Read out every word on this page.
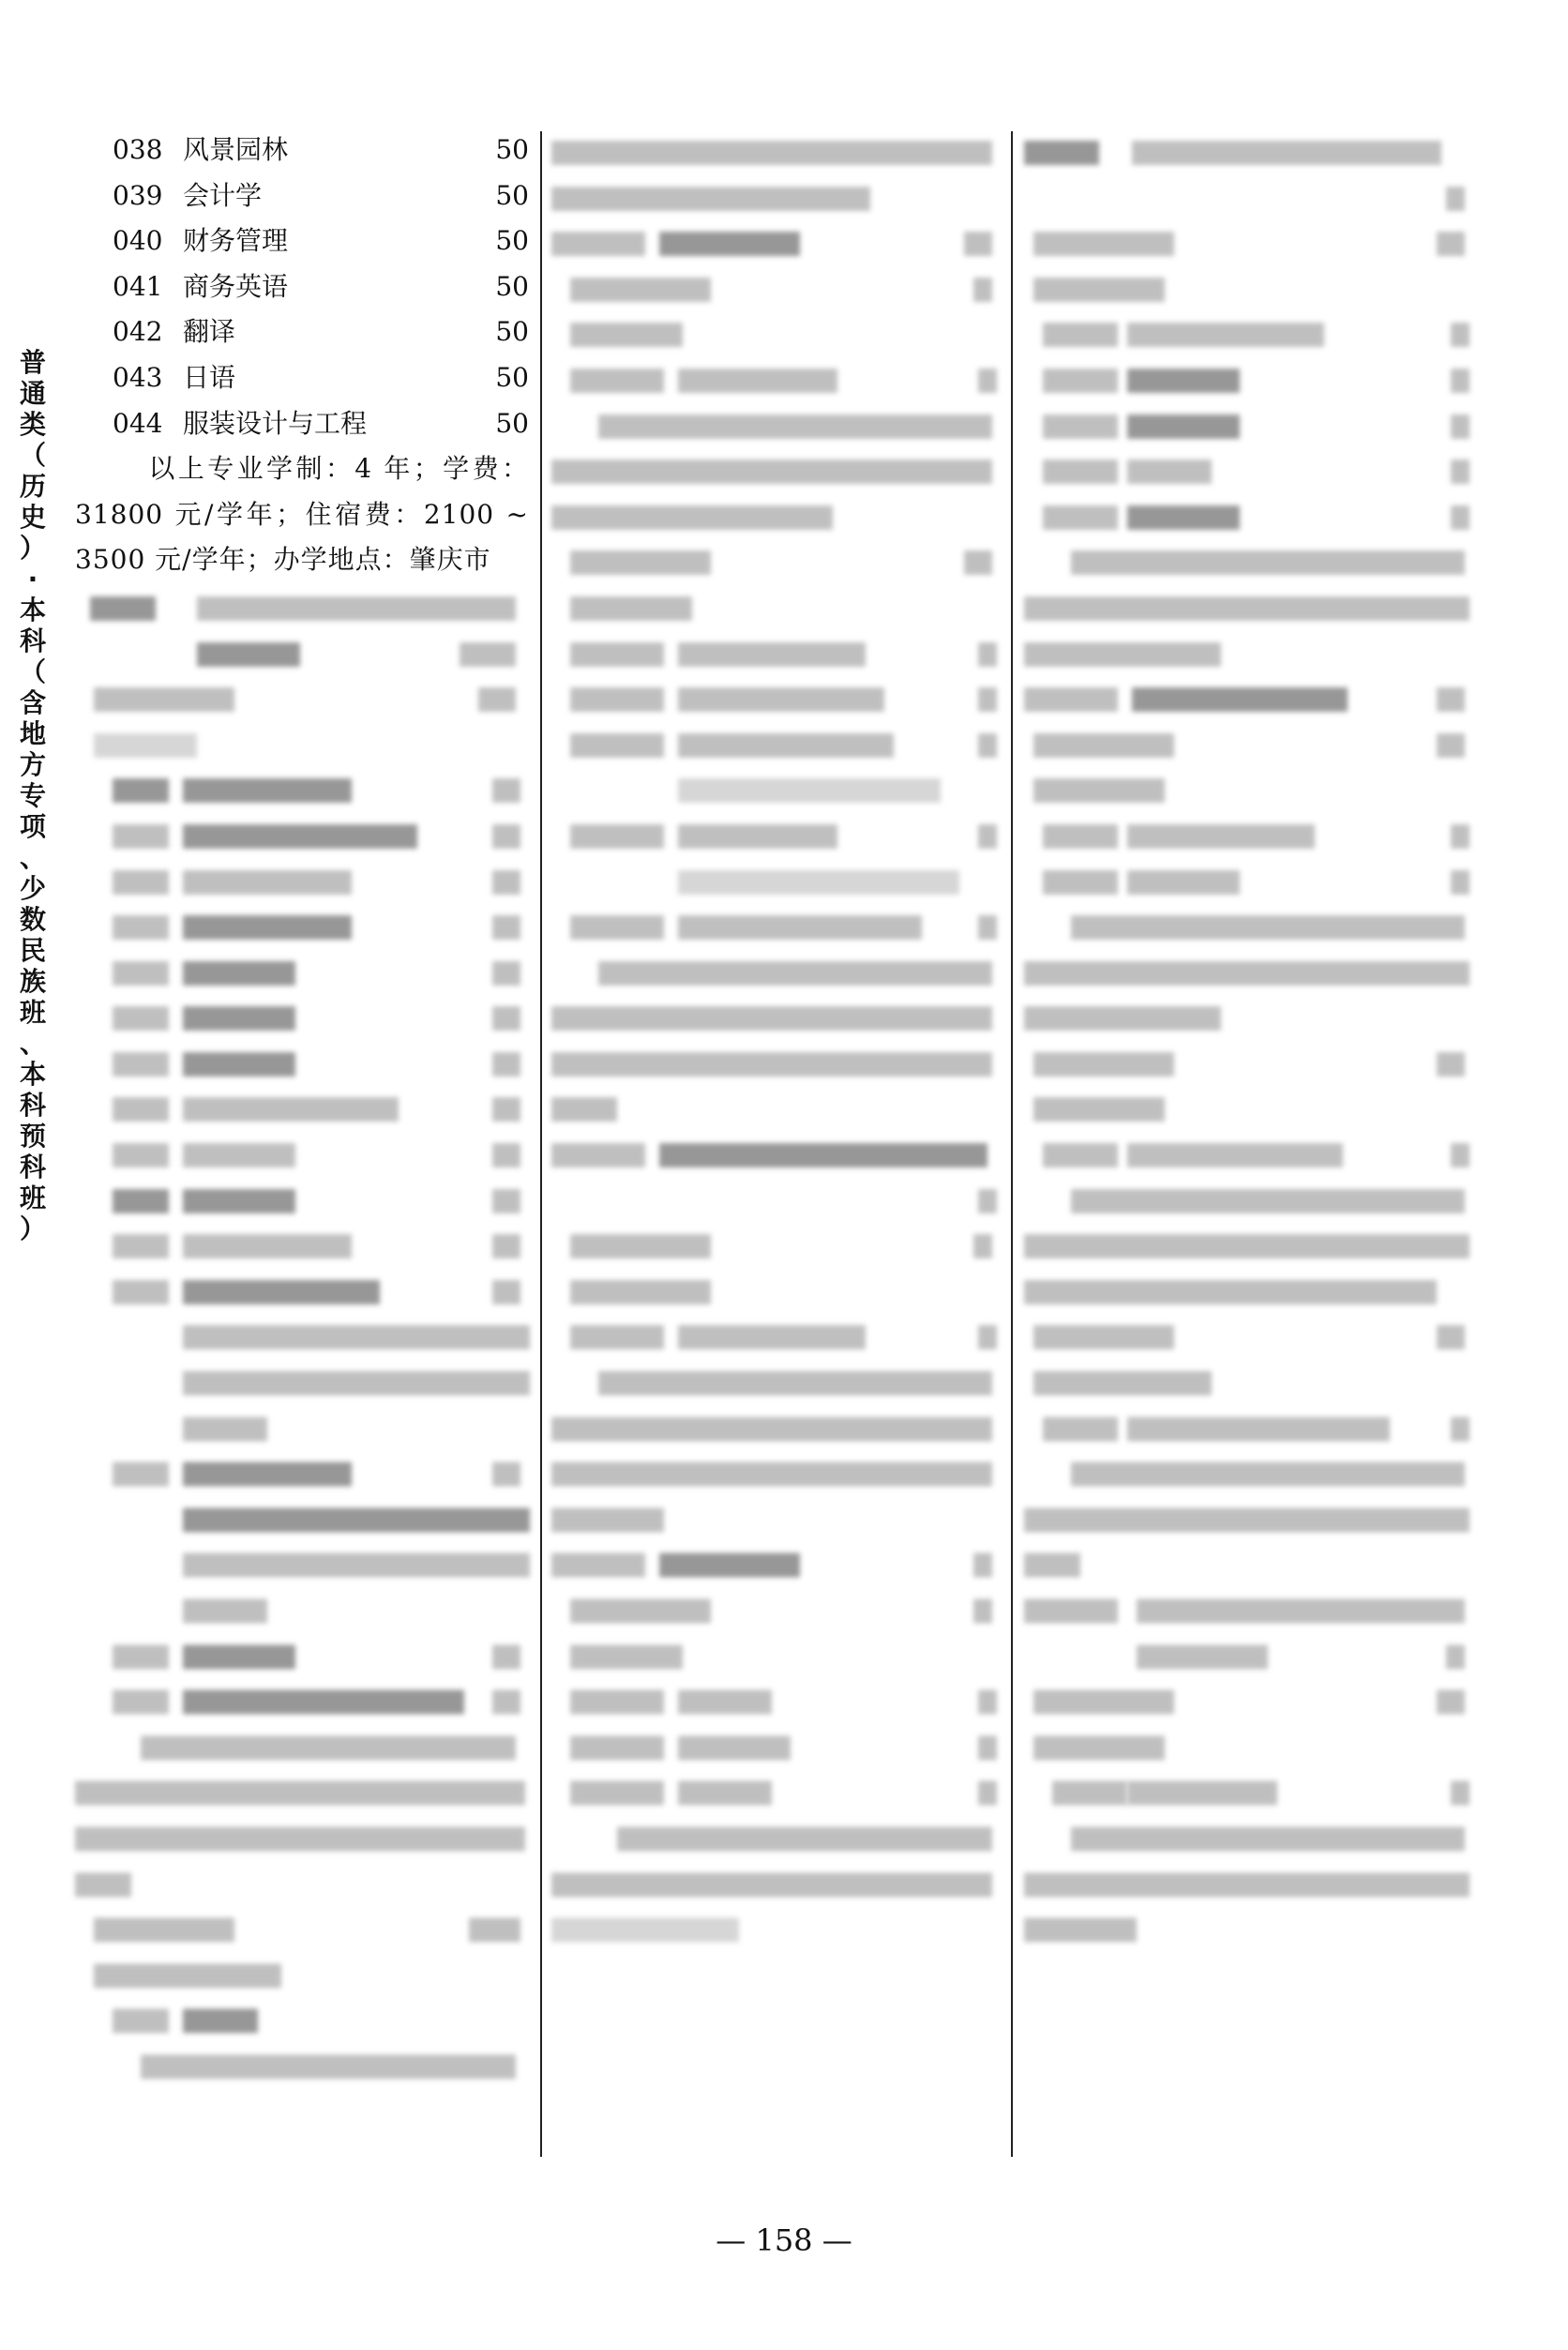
普
通
类
（
历
史
）
·
本
科
（
含
地
方
专
项
、
少
数
民
族
班
、
本
科
预
科
班
）
038 风景园林	50
039 会计学	50
040 财务管理	50
041 商务英语	50
042 翻译	50
043 日语	50
044 服装设计与工程	50
以上专业学制：4 年；学费：31800 元/学年；住宿费：2100 ~ 3500 元/学年；办学地点：肇庆市
— 158 —
